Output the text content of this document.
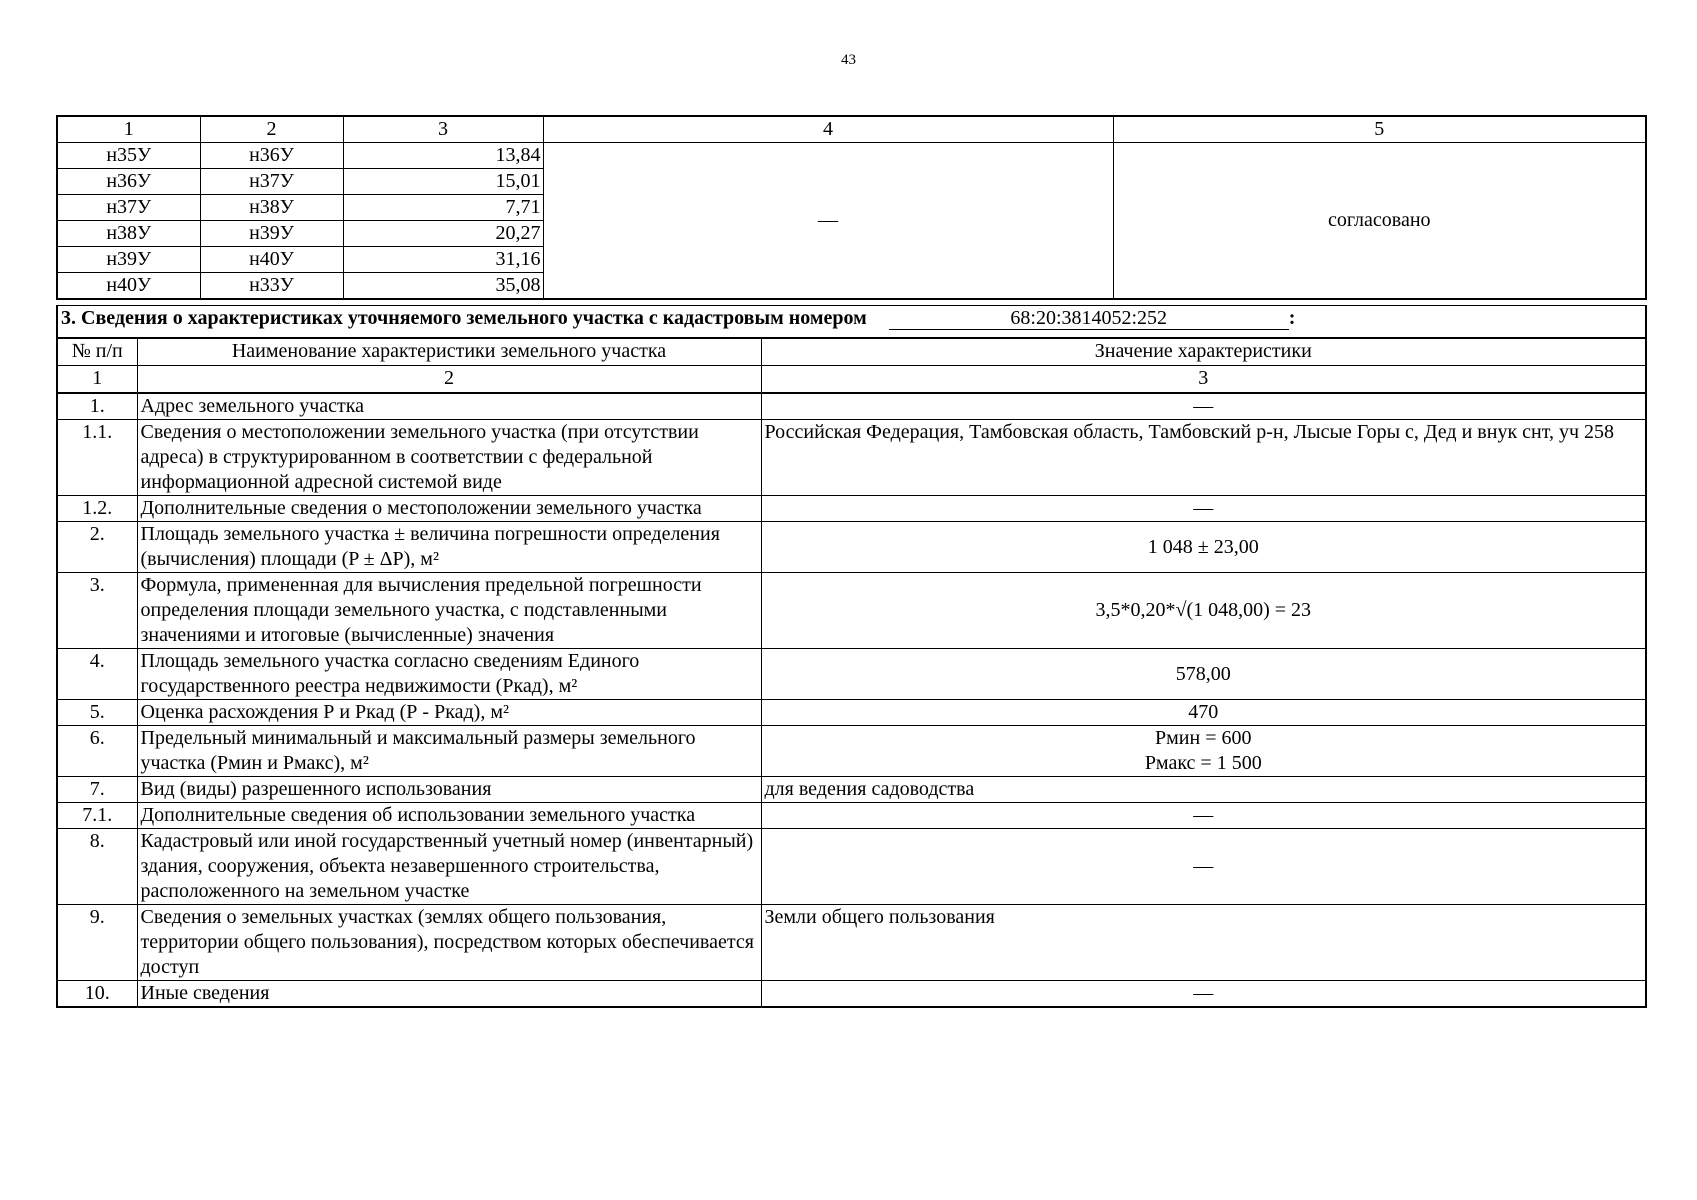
43
1	2	3	4	5
н35У	н36У	13,84	—	согласовано
н36У	н37У	15,01		
н37У	н38У	7,71		
н38У	н39У	20,27		
н39У	н40У	31,16		
н40У	н33У	35,08		
3. Сведения о характеристиках уточняемого земельного участка с кадастровым номером 68:20:3814052:252 :		
№ п/п	Наименование характеристики земельного участка	Значение характеристики
1	2	3
1.	Адрес земельного участка	—
1.1.	Сведения о местоположении земельного участка (при отсутствии адреса) в структурированном в соответствии с федеральной информационной адресной системой виде	Российская Федерация, Тамбовская область, Тамбовский р-н, Лысые Горы с, Дед и внук снт, уч 258
1.2.	Дополнительные сведения о местоположении земельного участка	—
2.	Площадь земельного участка ± величина погрешности определения (вычисления) площади (P ± ΔP), м²	1 048 ± 23,00
3.	Формула, примененная для вычисления предельной погрешности определения площади земельного участка, с подставленными значениями и итоговые (вычисленные) значения	3,5*0,20*√(1 048,00) = 23
4.	Площадь земельного участка согласно сведениям Единого государственного реестра недвижимости (Ркад), м²	578,00
5.	Оценка расхождения Р и Ркад (Р - Ркад), м²	470
6.	Предельный минимальный и максимальный размеры земельного участка (Рмин и Рмакс), м²	Рмин = 600
Рмакс = 1 500

7.	Вид (виды) разрешенного использования	для ведения садоводства
7.1.	Дополнительные сведения об использовании земельного участка	—
8.	Кадастровый или иной государственный учетный номер (инвентарный) здания, сооружения, объекта незавершенного строительства, расположенного на земельном участке	—
9.	Сведения о земельных участках (землях общего пользования, территории общего пользования), посредством которых обеспечивается доступ	Земли общего пользования
10.	Иные сведения	—
